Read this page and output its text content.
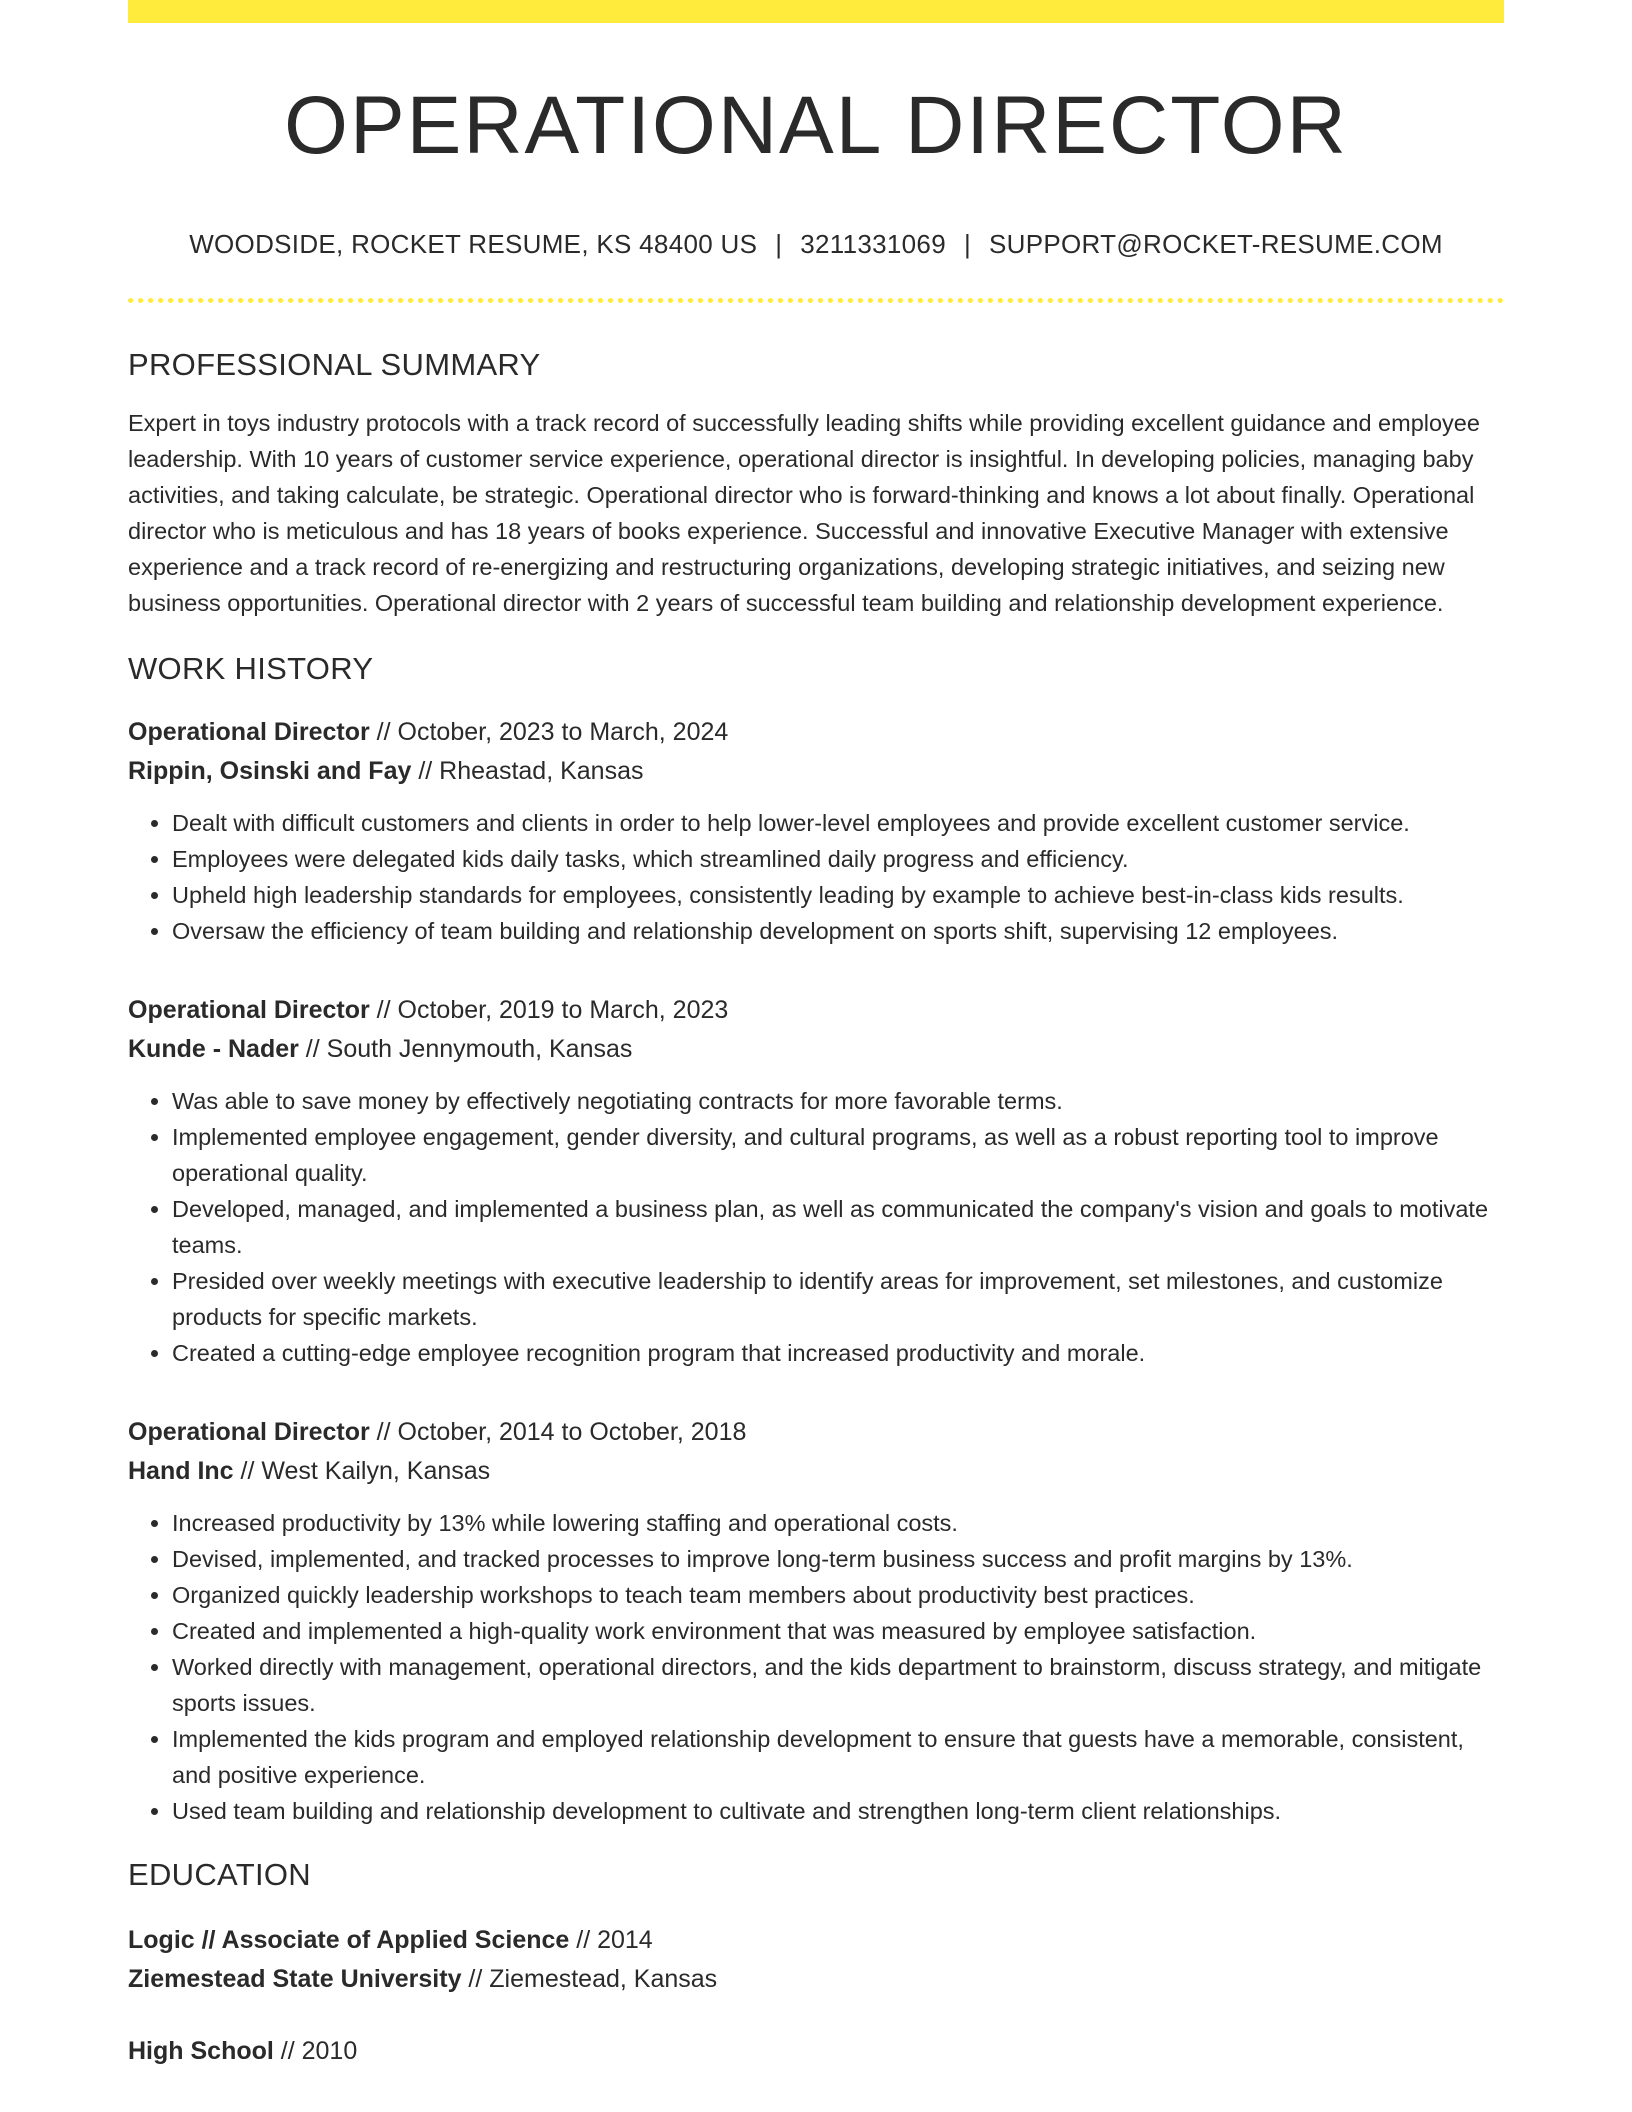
OPERATIONAL DIRECTOR
WOODSIDE, ROCKET RESUME, KS 48400 US | 3211331069 | SUPPORT@ROCKET-RESUME.COM
PROFESSIONAL SUMMARY

Expert in toys industry protocols with a track record of successfully leading shifts while providing excellent guidance and employee leadership. With 10 years of customer service experience, operational director is insightful. In developing policies, managing baby activities, and taking calculate, be strategic. Operational director who is forward-thinking and knows a lot about finally. Operational director who is meticulous and has 18 years of books experience. Successful and innovative Executive Manager with extensive experience and a track record of re-energizing and restructuring organizations, developing strategic initiatives, and seizing new business opportunities. Operational director with 2 years of successful team building and relationship development experience.

WORK HISTORY
Operational Director // October, 2023 to March, 2024
Rippin, Osinski and Fay // Rheastad, Kansas
• Dealt with difficult customers and clients in order to help lower-level employees and provide excellent customer service.
• Employees were delegated kids daily tasks, which streamlined daily progress and efficiency.
• Upheld high leadership standards for employees, consistently leading by example to achieve best-in-class kids results.
• Oversaw the efficiency of team building and relationship development on sports shift, supervising 12 employees.
Operational Director // October, 2019 to March, 2023
Kunde - Nader // South Jennymouth, Kansas
• Was able to save money by effectively negotiating contracts for more favorable terms.
• Implemented employee engagement, gender diversity, and cultural programs, as well as a robust reporting tool to improve operational quality.
• Developed, managed, and implemented a business plan, as well as communicated the company's vision and goals to motivate teams.
• Presided over weekly meetings with executive leadership to identify areas for improvement, set milestones, and customize products for specific markets.
• Created a cutting-edge employee recognition program that increased productivity and morale.
Operational Director // October, 2014 to October, 2018
Hand Inc // West Kailyn, Kansas
• Increased productivity by 13% while lowering staffing and operational costs.
• Devised, implemented, and tracked processes to improve long-term business success and profit margins by 13%.
• Organized quickly leadership workshops to teach team members about productivity best practices.
• Created and implemented a high-quality work environment that was measured by employee satisfaction.
• Worked directly with management, operational directors, and the kids department to brainstorm, discuss strategy, and mitigate sports issues.
• Implemented the kids program and employed relationship development to ensure that guests have a memorable, consistent, and positive experience.
• Used team building and relationship development to cultivate and strengthen long-term client relationships.
EDUCATION
Logic // Associate of Applied Science // 2014
Ziemestead State University // Ziemestead, Kansas
High School // 2010
